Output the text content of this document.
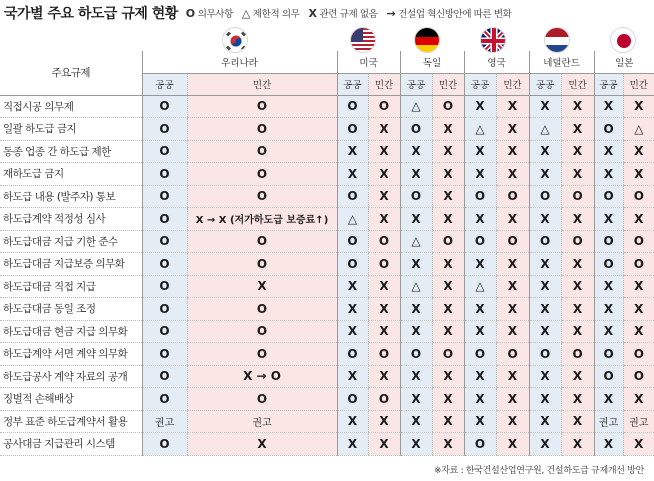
국가별 주요 하도급 규제 현황 O 의무사항 △ 제한적 의무 X 관련 규제 없음 → 건설업 혁신방안에 따른 변화
주요규제	우리나라		미국		독일		영국		네덜란드		일본	
	공공	민간	공공	민간	공공	민간	공공	민간	공공	민간	공공	민간
직접시공 의무제	O	O	O	O	△	O	X	X	X	X	X	X
일괄 하도급 금지	O	O	O	X	O	X	△	X	△	X	O	△
동종 업종 간 하도급 제한	O	O	X	X	X	X	X	X	X	X	X	X
재하도급 금지	O	O	X	X	X	X	X	X	X	X	X	X
하도급 내용 (발주자) 통보	O	O	O	X	O	X	O	O	O	O	O	O
하도급계약 적정성 심사	O	X → X (저가하도급 보증료↑)	△	X	X	X	X	X	X	X	X	X
하도급대금 지급 기한 준수	O	O	O	O	△	O	O	O	O	O	O	O
하도급대금 지급보증 의무화	O	O	O	O	X	X	X	X	X	X	O	O
하도급대금 직접 지급	O	X	X	X	△	X	△	X	X	X	X	X
하도급대금 동일 조정	O	O	X	X	X	X	X	X	X	X	X	X
하도급대금 현금 지급 의무화	O	O	X	X	X	X	X	X	X	X	X	X
하도급계약 서면 계약 의무화	O	O	O	O	O	O	O	O	O	O	O	O
하도급공사 계약 자료의 공개	O	X → O	X	X	X	X	X	X	X	X	O	O
징벌적 손해배상	O	O	O	O	X	X	X	X	X	X	X	X
정부 표준 하도급계약서 활용	권고	권고	X	X	X	X	X	X	X	X	권고	권고
공사대금 지급관리 시스템	O	X	X	X	X	X	O	X	X	X	X	X
※자료 : 한국건설산업연구원, 건설하도급 규제개선 방안
